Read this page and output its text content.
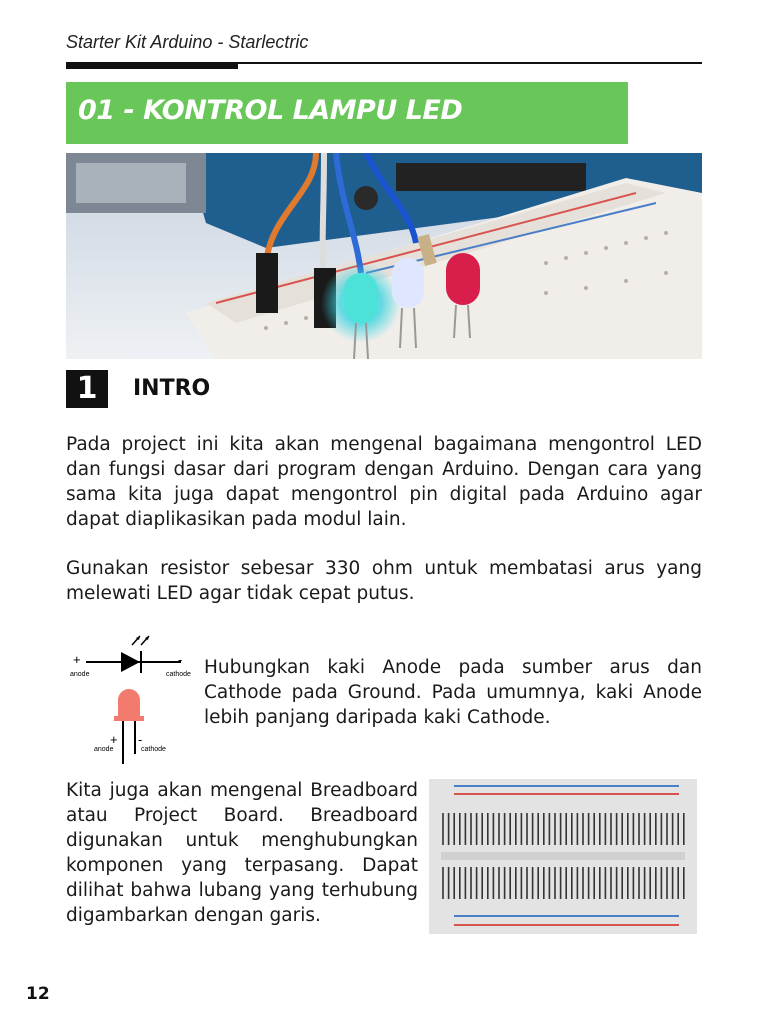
Starter Kit Arduino - Starlectric
01 - KONTROL LAMPU LED
1	INTRO
Pada project ini kita akan mengenal bagaimana mengontrol LED dan fungsi dasar dari program dengan Arduino. Dengan cara yang sama kita juga dapat mengontrol pin digital pada Arduino agar dapat diaplikasikan pada modul lain.
Gunakan resistor sebesar 330 ohm untuk membatasi arus yang melewati LED agar tidak cepat putus.
+	-
anode	cathode
+ -
anode	cathode
Hubungkan kaki Anode pada sumber arus dan Cathode pada Ground. Pada umumnya, kaki Anode lebih panjang daripada kaki Cathode.
Kita juga akan mengenal Breadboard atau Project Board. Breadboard digunakan untuk menghubungkan komponen yang terpasang. Dapat dilihat bahwa lubang yang terhubung digambarkan dengan garis.
12
